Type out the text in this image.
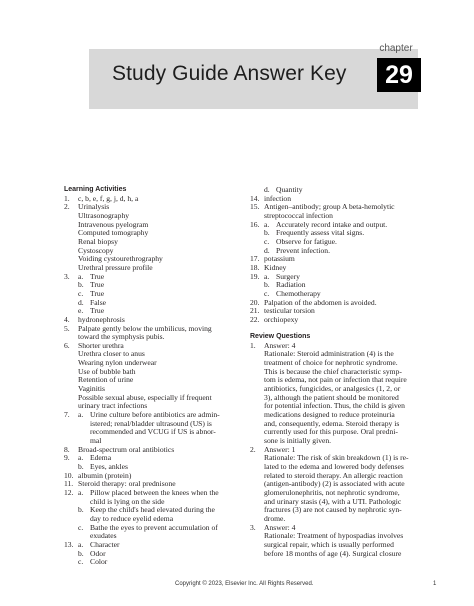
Study Guide Answer Key
chapter
29
Learning Activities
1.	c, b, e, f, g, j, d, h, a
2.	Urinalysis
Ultrasonography
Intravenous pyelogram
Computed tomography
Renal biopsy
Cystoscopy
Voiding cystourethrography
Urethral pressure profile
3.	a. True
b. True
c. True
d. False
e. True
4.	hydronephrosis
5.	Palpate gently below the umbilicus, moving
toward the symphysis pubis.
6.	Shorter urethra
Urethra closer to anus
Wearing nylon underwear
Use of bubble bath
Retention of urine
Vaginitis
Possible sexual abuse, especially if frequent
urinary tract infections
7.	a. Urine culture before antibiotics are admin-
istered; renal/bladder ultrasound (US) is
recommended and VCUG if US is abnor-
mal
8.	Broad-spectrum oral antibiotics
9.	a. Edema
b. Eyes, ankles
10. albumin (protein)
11. Steroid therapy: oral prednisone
12. a. Pillow placed between the knees when the
child is lying on the side
b. Keep the child's head elevated during the
day to reduce eyelid edema
c. Bathe the eyes to prevent accumulation of
exudates
13. a. Character
b. Odor
c. Color
d. Quantity
14. infection
15. Antigen–antibody; group A beta-hemolytic
streptococcal infection
16. a. Accurately record intake and output.
b. Frequently assess vital signs.
c. Observe for fatigue.
d. Prevent infection.
17. potassium
18. Kidney
19. a. Surgery
b. Radiation
c. Chemotherapy
20. Palpation of the abdomen is avoided.
21. testicular torsion
22. orchiopexy
Review Questions
1.	Answer: 4
Rationale: Steroid administration (4) is the
treatment of choice for nephrotic syndrome.
This is because the chief characteristic symp-
tom is edema, not pain or infection that require
antibiotics, fungicides, or analgesics (1, 2, or
3), although the patient should be monitored
for potential infection. Thus, the child is given
medications designed to reduce proteinuria
and, consequently, edema. Steroid therapy is
currently used for this purpose. Oral predni-
sone is initially given.
2.	Answer: 1
Rationale: The risk of skin breakdown (1) is re-
lated to the edema and lowered body defenses
related to steroid therapy. An allergic reaction
(antigen-antibody) (2) is associated with acute
glomerulonephritis, not nephrotic syndrome,
and urinary stasis (4), with a UTI. Pathologic
fractures (3) are not caused by nephrotic syn-
drome.
3.	Answer: 4
Rationale: Treatment of hypospadias involves
surgical repair, which is usually performed
before 18 months of age (4). Surgical closure
Copyright © 2023, Elsevier Inc. All Rights Reserved.	1
